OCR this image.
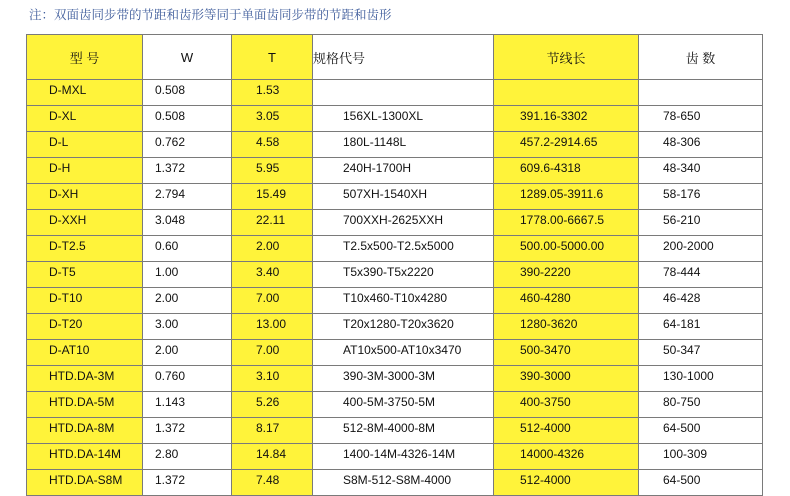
注：双面齿同步带的节距和齿形等同于单面齿同步带的节距和齿形
型 号	W	T	规格代号	节线长	齿 数
D-MXL	0.508	1.53			
D-XL	0.508	3.05	156XL-1300XL	391.16-3302	78-650
D-L	0.762	4.58	180L-1148L	457.2-2914.65	48-306
D-H	1.372	5.95	240H-1700H	609.6-4318	48-340
D-XH	2.794	15.49	507XH-1540XH	1289.05-3911.6	58-176
D-XXH	3.048	22.11	700XXH-2625XXH	1778.00-6667.5	56-210
D-T2.5	0.60	2.00	T2.5x500-T2.5x5000	500.00-5000.00	200-2000
D-T5	1.00	3.40	T5x390-T5x2220	390-2220	78-444
D-T10	2.00	7.00	T10x460-T10x4280	460-4280	46-428
D-T20	3.00	13.00	T20x1280-T20x3620	1280-3620	64-181
D-AT10	2.00	7.00	AT10x500-AT10x3470	500-3470	50-347
HTD.DA-3M	0.760	3.10	390-3M-3000-3M	390-3000	130-1000
HTD.DA-5M	1.143	5.26	400-5M-3750-5M	400-3750	80-750
HTD.DA-8M	1.372	8.17	512-8M-4000-8M	512-4000	64-500
HTD.DA-14M	2.80	14.84	1400-14M-4326-14M	14000-4326	100-309
HTD.DA-S8M	1.372	7.48	S8M-512-S8M-4000	512-4000	64-500
